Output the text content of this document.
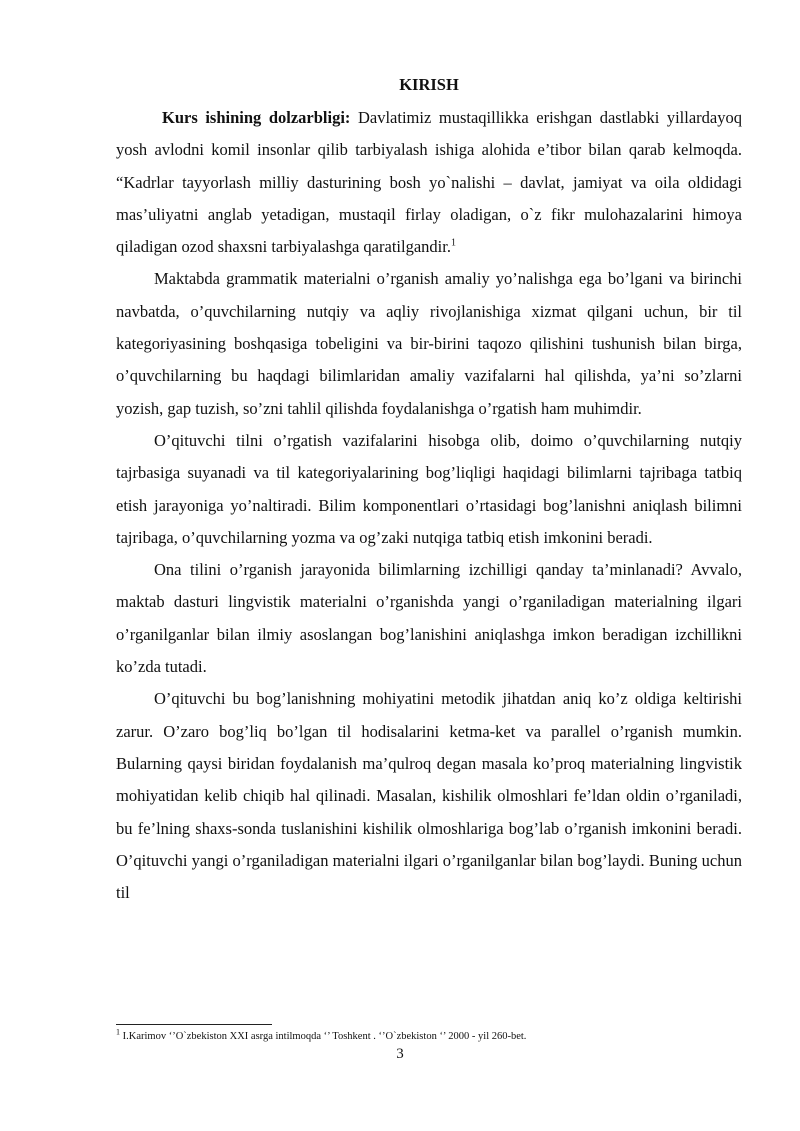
KIRISH

Kurs ishining dolzarbligi: Davlatimiz mustaqillikka erishgan dastlabki yillardayoq yosh avlodni komil insonlar qilib tarbiyalash ishiga alohida e’tibor bilan qarab kelmoqda. “Kadrlar tayyorlash milliy dasturining bosh yo`nalishi – davlat, jamiyat va oila oldidagi mas’uliyatni anglab yetadigan, mustaqil firlay oladigan, o`z fikr mulohazalarini himoya qiladigan ozod shaxsni tarbiyalashga qaratilgandir.$^1$

Maktabda grammatik materialni o’rganish amaliy yo’nalishga ega bo’lgani va birinchi navbatda, o’quvchilarning nutqiy va aqliy rivojlanishiga xizmat qilgani uchun, bir til kategoriyasining boshqasiga tobeligini va bir-birini taqozo qilishini tushunish bilan birga, o’quvchilarning bu haqdagi bilimlaridan amaliy vazifalarni hal qilishda, ya’ni so’zlarni yozish, gap tuzish, so’zni tahlil qilishda foydalanishga o’rgatish ham muhimdir.

O’qituvchi tilni o’rgatish vazifalarini hisobga olib, doimo o’quvchilarning nutqiy tajrbasiga suyanadi va til kategoriyalarining bog’liqligi haqidagi bilimlarni tajribaga tatbiq etish jarayoniga yo’naltiradi. Bilim komponentlari o’rtasidagi bog’lanishni aniqlash bilimni tajribaga, o’quvchilarning yozma va og’zaki nutqiga tatbiq etish imkonini beradi.

Ona tilini o’rganish jarayonida bilimlarning izchilligi qanday ta’minlanadi? Avvalo, maktab dasturi lingvistik materialni o’rganishda yangi o’rganiladigan materialning ilgari o’rganilganlar bilan ilmiy asoslangan bog’lanishini aniqlashga imkon beradigan izchillikni ko’zda tutadi.

O’qituvchi bu bog’lanishning mohiyatini metodik jihatdan aniq ko’z oldiga keltirishi zarur. O’zaro bog’liq bo’lgan til hodisalarini ketma-ket va parallel o’rganish mumkin. Bularning qaysi biridan foydalanish ma’qulroq degan masala ko’proq materialning lingvistik mohiyatidan kelib chiqib hal qilinadi. Masalan, kishilik olmoshlari fe’ldan oldin o’rganiladi, bu fe’lning shaxs-sonda tuslanishini kishilik olmoshlariga bog’lab o’rganish imkonini beradi. O’qituvchi yangi o’rganiladigan materialni ilgari o’rganilganlar bilan bog’laydi. Buning uchun til

$^1$ I.Karimov ‘’O`zbekiston XXI asrga intilmoqda ‘’ Toshkent . ‘’O`zbekiston ‘’ 2000 - yil 260-bet.
3
